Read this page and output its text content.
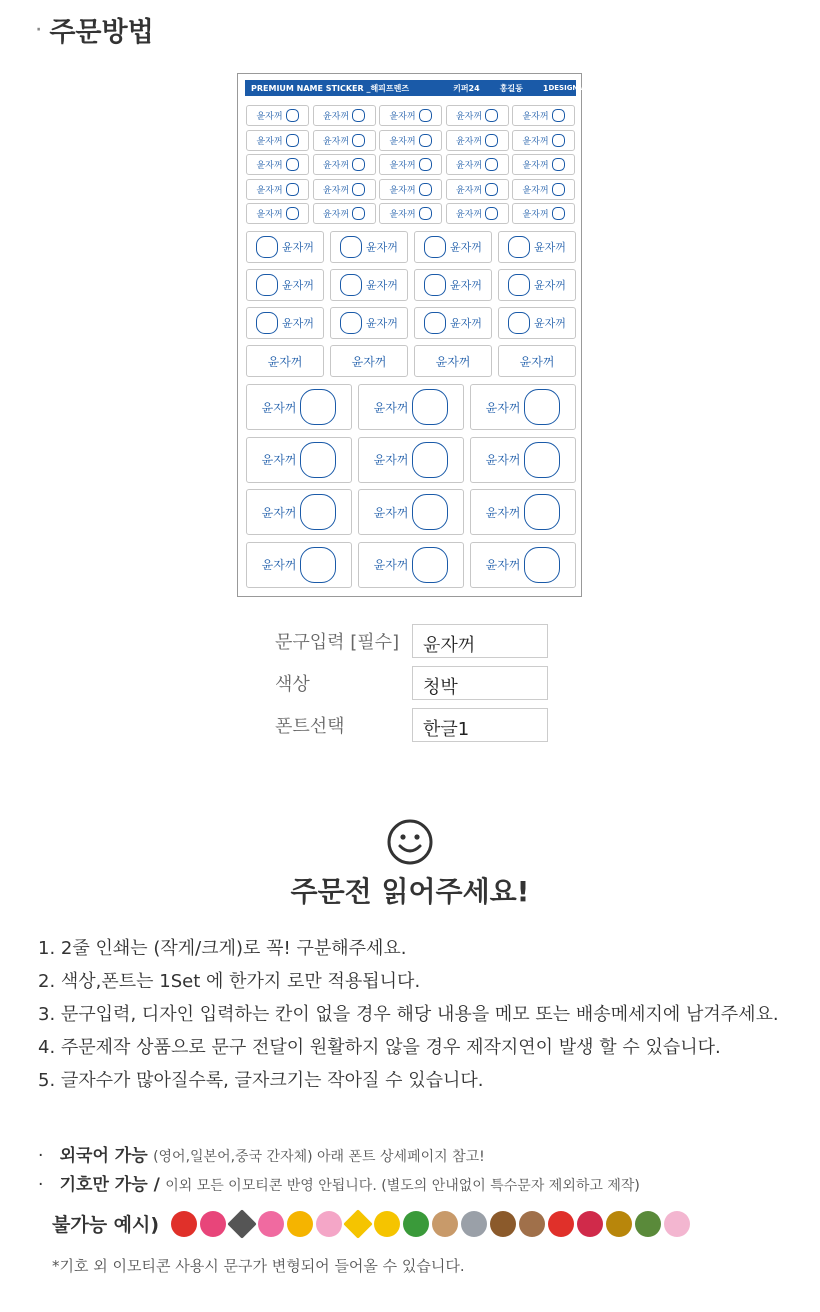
· 주문방법
PREMIUM NAME STICKER _해피프렌즈	키퍼24	홍길동	1 DESIGN AGIT
윤자꺼	윤자꺼	윤자꺼	윤자꺼	윤자꺼
윤자꺼	윤자꺼	윤자꺼	윤자꺼	윤자꺼
윤자꺼	윤자꺼	윤자꺼	윤자꺼	윤자꺼
윤자꺼	윤자꺼	윤자꺼	윤자꺼	윤자꺼
윤자꺼	윤자꺼	윤자꺼	윤자꺼	윤자꺼
윤자꺼	윤자꺼	윤자꺼	윤자꺼
윤자꺼	윤자꺼	윤자꺼	윤자꺼
윤자꺼	윤자꺼	윤자꺼	윤자꺼
윤자꺼	윤자꺼	윤자꺼	윤자꺼
윤자꺼	윤자꺼	윤자꺼
윤자꺼	윤자꺼	윤자꺼
윤자꺼	윤자꺼	윤자꺼
윤자꺼	윤자꺼	윤자꺼
문구입력 [필수]	윤자꺼
색상	청박
폰트선택	한글1
주문전 읽어주세요!
1. 2줄 인쇄는 (작게/크게)로 꼭! 구분해주세요.
2. 색상,폰트는 1Set 에 한가지 로만 적용됩니다.
3. 문구입력, 디자인 입력하는 칸이 없을 경우 해당 내용을 메모 또는 배송메세지에 남겨주세요.
4. 주문제작 상품으로 문구 전달이 원활하지 않을 경우 제작지연이 발생 할 수 있습니다.
5. 글자수가 많아질수록, 글자크기는 작아질 수 있습니다.
· 외국어 가능 (영어,일본어,중국 간자체) 아래 폰트 상세페이지 참고!
· 기호만 가능 / 이외 모든 이모티콘 반영 안됩니다. (별도의 안내없이 특수문자 제외하고 제작)
불가능 예시)
*기호 외 이모티콘 사용시 문구가 변형되어 들어올 수 있습니다.
